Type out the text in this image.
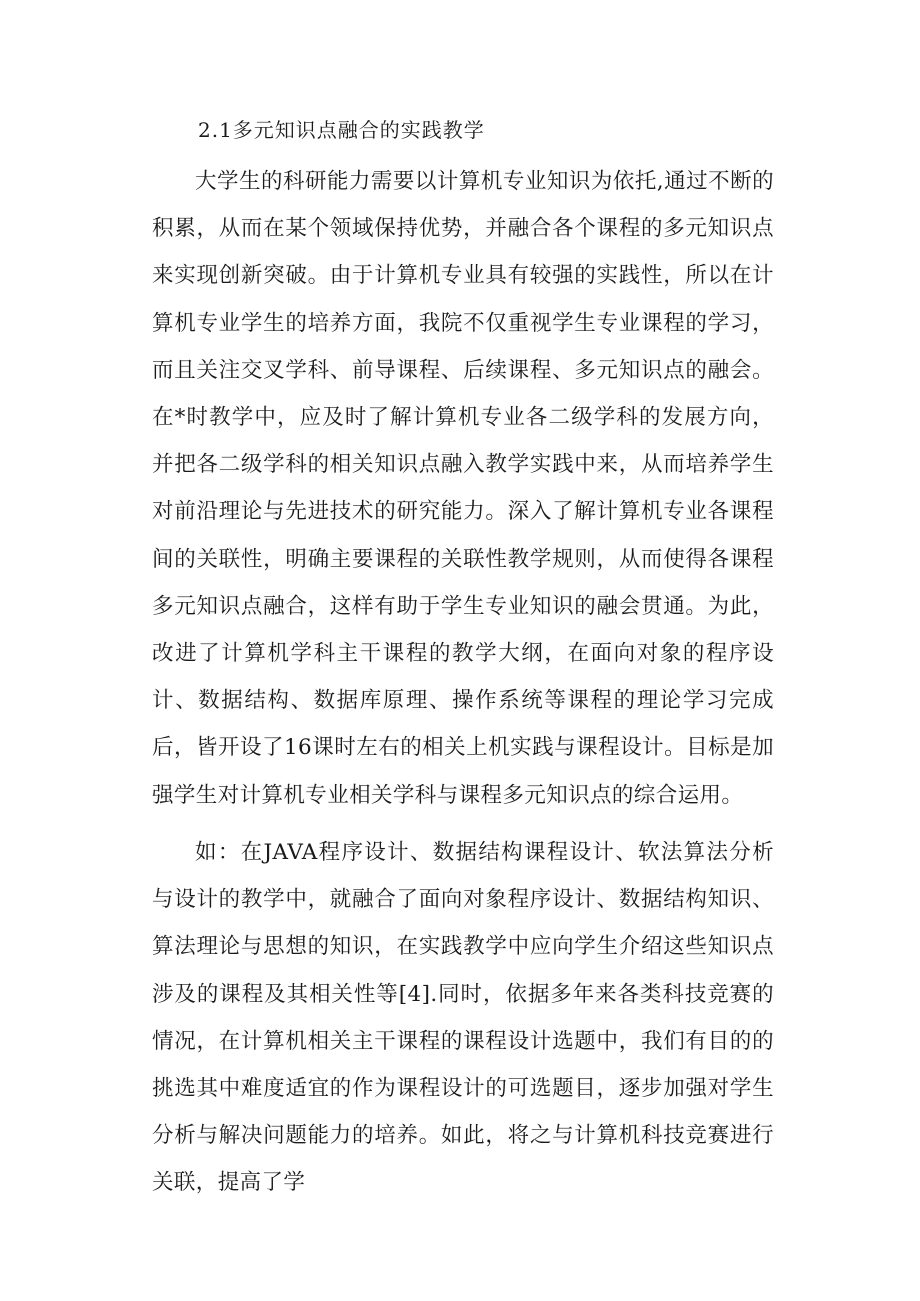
2.1多元知识点融合的实践教学

大学生的科研能力需要以计算机专业知识为依托,通过不断的积累，从而在某个领域保持优势，并融合各个课程的多元知识点来实现创新突破。由于计算机专业具有较强的实践性，所以在计算机专业学生的培养方面，我院不仅重视学生专业课程的学习，而且关注交叉学科、前导课程、后续课程、多元知识点的融会。在*时教学中，应及时了解计算机专业各二级学科的发展方向，并把各二级学科的相关知识点融入教学实践中来，从而培养学生对前沿理论与先进技术的研究能力。深入了解计算机专业各课程间的关联性，明确主要课程的关联性教学规则，从而使得各课程多元知识点融合，这样有助于学生专业知识的融会贯通。为此，改进了计算机学科主干课程的教学大纲，在面向对象的程序设计、数据结构、数据库原理、操作系统等课程的理论学习完成后，皆开设了16课时左右的相关上机实践与课程设计。目标是加强学生对计算机专业相关学科与课程多元知识点的综合运用。

如：在JAVA程序设计、数据结构课程设计、软法算法分析与设计的教学中，就融合了面向对象程序设计、数据结构知识、算法理论与思想的知识，在实践教学中应向学生介绍这些知识点涉及的课程及其相关性等[4].同时，依据多年来各类科技竞赛的情况，在计算机相关主干课程的课程设计选题中，我们有目的的挑选其中难度适宜的作为课程设计的可选题目，逐步加强对学生分析与解决问题能力的培养。如此，将之与计算机科技竞赛进行关联，提高了学
